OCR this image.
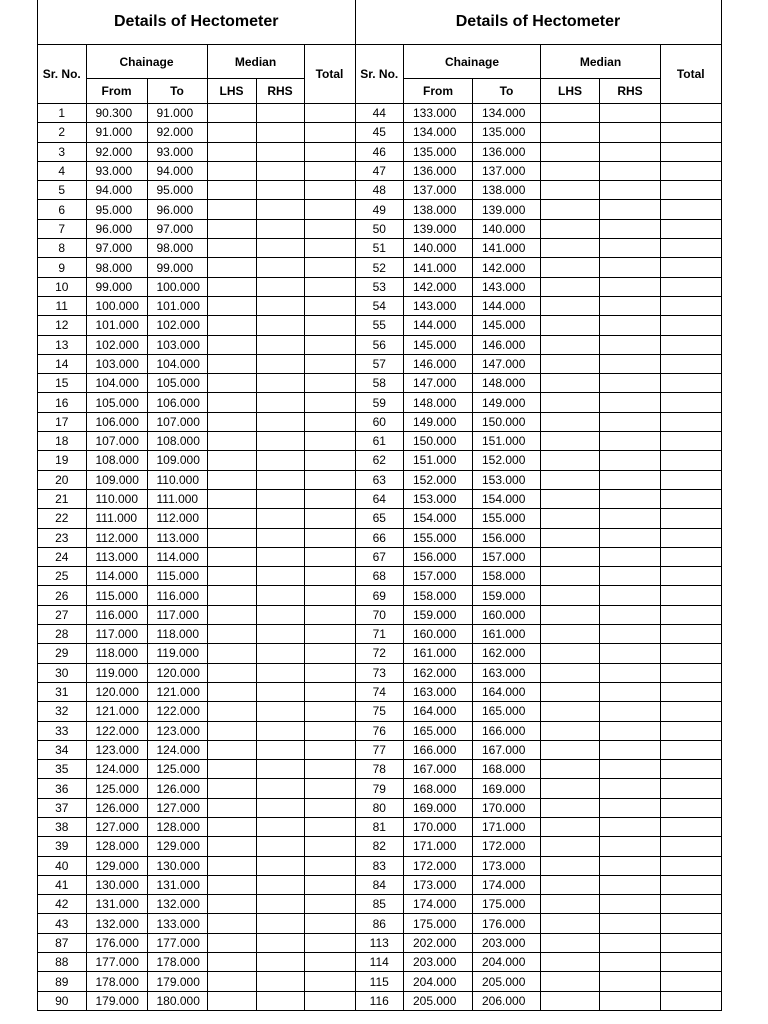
Details of Hectometer					
Sr. No.	Chainage		Median		Total
	From	To	LHS	RHS	
1	90.300	91.000			
2	91.000	92.000			
3	92.000	93.000			
4	93.000	94.000			
5	94.000	95.000			
6	95.000	96.000			
7	96.000	97.000			
8	97.000	98.000			
9	98.000	99.000			
10	99.000	100.000			
11	100.000	101.000			
12	101.000	102.000			
13	102.000	103.000			
14	103.000	104.000			
15	104.000	105.000			
16	105.000	106.000			
17	106.000	107.000			
18	107.000	108.000			
19	108.000	109.000			
20	109.000	110.000			
21	110.000	111.000			
22	111.000	112.000			
23	112.000	113.000			
24	113.000	114.000			
25	114.000	115.000			
26	115.000	116.000			
27	116.000	117.000			
28	117.000	118.000			
29	118.000	119.000			
30	119.000	120.000			
31	120.000	121.000			
32	121.000	122.000			
33	122.000	123.000			
34	123.000	124.000			
35	124.000	125.000			
36	125.000	126.000			
37	126.000	127.000			
38	127.000	128.000			
39	128.000	129.000			
40	129.000	130.000			
41	130.000	131.000			
42	131.000	132.000			
43	132.000	133.000			
87	176.000	177.000			
88	177.000	178.000			
89	178.000	179.000			
90	179.000	180.000			
Details of Hectometer					
Sr. No.	Chainage		Median		Total
	From	To	LHS	RHS	
44	133.000	134.000			
45	134.000	135.000			
46	135.000	136.000			
47	136.000	137.000			
48	137.000	138.000			
49	138.000	139.000			
50	139.000	140.000			
51	140.000	141.000			
52	141.000	142.000			
53	142.000	143.000			
54	143.000	144.000			
55	144.000	145.000			
56	145.000	146.000			
57	146.000	147.000			
58	147.000	148.000			
59	148.000	149.000			
60	149.000	150.000			
61	150.000	151.000			
62	151.000	152.000			
63	152.000	153.000			
64	153.000	154.000			
65	154.000	155.000			
66	155.000	156.000			
67	156.000	157.000			
68	157.000	158.000			
69	158.000	159.000			
70	159.000	160.000			
71	160.000	161.000			
72	161.000	162.000			
73	162.000	163.000			
74	163.000	164.000			
75	164.000	165.000			
76	165.000	166.000			
77	166.000	167.000			
78	167.000	168.000			
79	168.000	169.000			
80	169.000	170.000			
81	170.000	171.000			
82	171.000	172.000			
83	172.000	173.000			
84	173.000	174.000			
85	174.000	175.000			
86	175.000	176.000			
113	202.000	203.000			
114	203.000	204.000			
115	204.000	205.000			
116	205.000	206.000			
